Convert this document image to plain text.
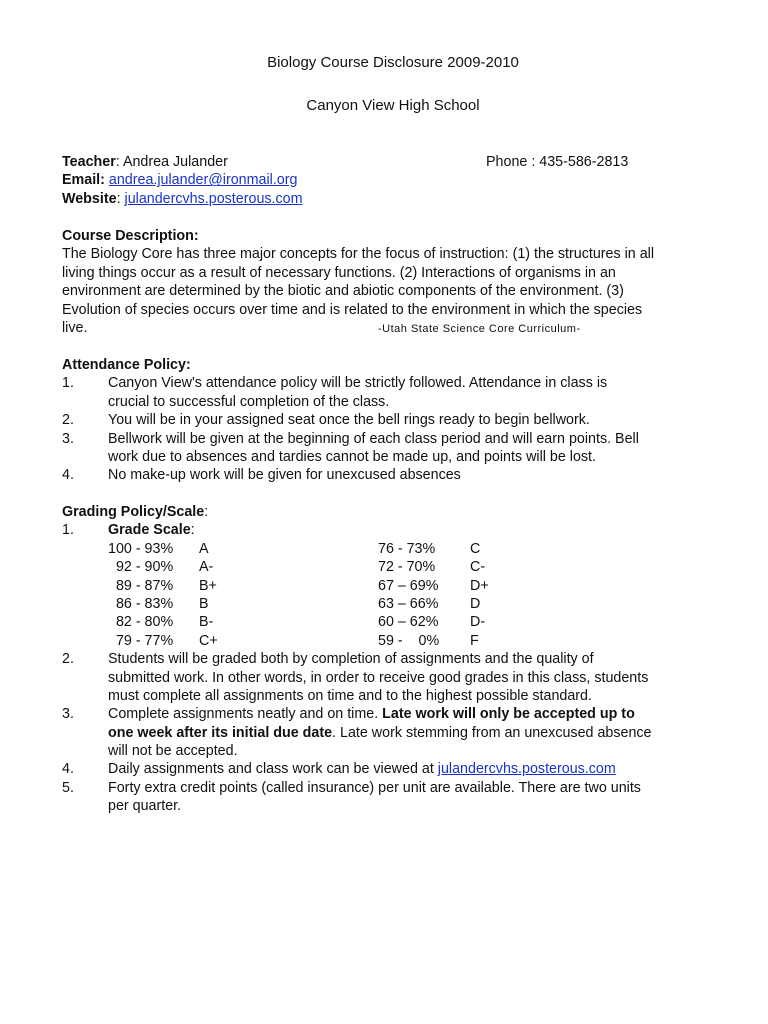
Biology Course Disclosure 2009-2010
Canyon View High School
Teacher: Andrea Julander	Phone : 435-586-2813
Email: andrea.julander@ironmail.org
Website: julandercvhs.posterous.com
Course Description:
The Biology Core has three major concepts for the focus of instruction: (1) the structures in all
living things occur as a result of necessary functions. (2) Interactions of organisms in an
environment are determined by the biotic and abiotic components of the environment. (3)
Evolution of species occurs over time and is related to the environment in which the species
live.	-Utah State Science Core Curriculum-
Attendance Policy:
1. Canyon View's attendance policy will be strictly followed. Attendance in class is
crucial to successful completion of the class.
2. You will be in your assigned seat once the bell rings ready to begin bellwork.
3. Bellwork will be given at the beginning of each class period and will earn points. Bell
work due to absences and tardies cannot be made up, and points will be lost.
4. No make-up work will be given for unexcused absences
Grading Policy/Scale:
1. Grade Scale:
100 - 93% A	76 - 73% C
92 - 90% A-	72 - 70% C-
89 - 87% B+	67 – 69% D+
86 - 83% B	63 – 66% D
82 - 80% B-	60 – 62% D-
79 - 77% C+	59 -    0% F
2. Students will be graded both by completion of assignments and the quality of
submitted work. In other words, in order to receive good grades in this class, students
must complete all assignments on time and to the highest possible standard.
3. Complete assignments neatly and on time. Late work will only be accepted up to
one week after its initial due date. Late work stemming from an unexcused absence
will not be accepted.
4. Daily assignments and class work can be viewed at julandercvhs.posterous.com
5. Forty extra credit points (called insurance) per unit are available. There are two units
per quarter.
